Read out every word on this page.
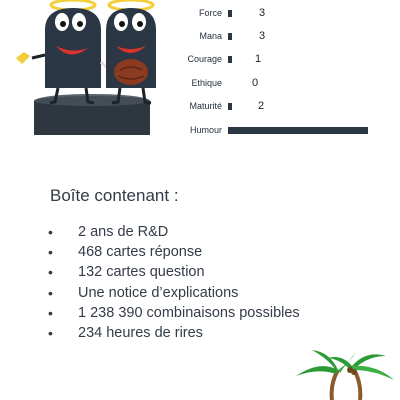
Force	3
Mana	3
Courage	1
Ethique	0
Maturité	2
Humour
Boîte contenant :
• 2 ans de R&D
• 468 cartes réponse
• 132 cartes question
• Une notice d’explications
• 1 238 390 combinaisons possibles
• 234 heures de rires
